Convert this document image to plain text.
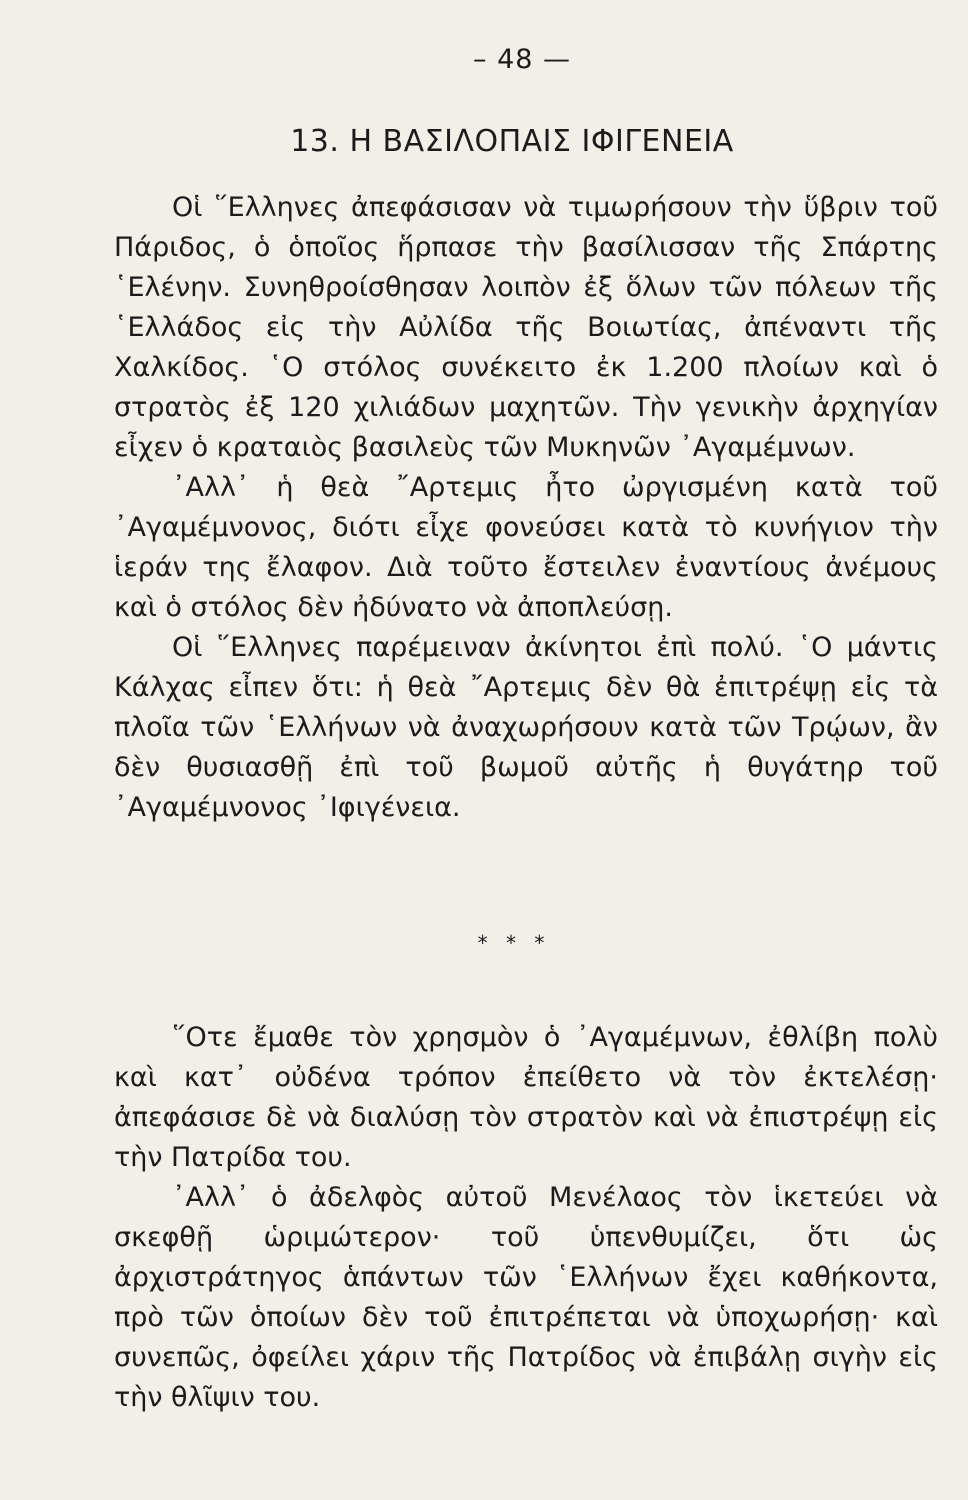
– 48 —
13. Η ΒΑΣΙΛΟΠΑΙΣ ΙΦΙΓΕΝΕΙΑ

Οἱ ῞Ελληνες ἀπεφάσισαν νὰ τιμωρήσουν τὴν ὕβριν τοῦ Πάριδος, ὁ ὁποῖος ἥρπασε τὴν βασίλισσαν τῆς Σπάρτης ῾Ελένην. Συνηθροίσθησαν λοιπὸν ἐξ ὅλων τῶν πόλεων τῆς ῾Ελλάδος εἰς τὴν Αὐλίδα τῆς Βοιωτίας, ἀπέναντι τῆς Χαλκίδος. ῾Ο στόλος συνέκειτο ἐκ 1.200 πλοίων καὶ ὁ στρατὸς ἐξ 120 χιλιάδων μαχητῶν. Τὴν γενικὴν ἀρχηγίαν εἶχεν ὁ κραταιὸς βασιλεὺς τῶν Μυκηνῶν ᾿Αγαμέμνων.

᾿Αλλ᾿ ἡ θεὰ ῎Αρτεμις ἦτο ὠργισμένη κατὰ τοῦ ᾿Αγαμέμνονος, διότι εἶχε φονεύσει κατὰ τὸ κυνήγιον τὴν ἱεράν της ἔλαφον. Διὰ τοῦτο ἔστειλεν ἐναντίους ἀνέμους καὶ ὁ στόλος δὲν ἠδύνατο νὰ ἀποπλεύσῃ.

Οἱ ῞Ελληνες παρέμειναν ἀκίνητοι ἐπὶ πολύ. ῾Ο μάντις Κάλχας εἶπεν ὅτι: ἡ θεὰ ῎Αρτεμις δὲν θὰ ἐπιτρέψῃ εἰς τὰ πλοῖα τῶν ῾Ελλήνων νὰ ἀναχωρήσουν κατὰ τῶν Τρῴων, ἂν δὲν θυσιασθῇ ἐπὶ τοῦ βωμοῦ αὐτῆς ἡ θυγάτηρ τοῦ ᾿Αγαμέμνονος ᾿Ιφιγένεια.

* * *

῞Οτε ἔμαθε τὸν χρησμὸν ὁ ᾿Αγαμέμνων, ἐθλίβη πολὺ καὶ κατ᾿ οὐδένα τρόπον ἐπείθετο νὰ τὸν ἐκτελέσῃ· ἀπεφάσισε δὲ νὰ διαλύσῃ τὸν στρατὸν καὶ νὰ ἐπιστρέψῃ εἰς τὴν Πατρίδα του.

᾿Αλλ᾿ ὁ ἀδελφὸς αὐτοῦ Μενέλαος τὸν ἱκετεύει νὰ σκεφθῇ ὡριμώτερον· τοῦ ὑπενθυμίζει, ὅτι ὡς ἀρχιστράτηγος ἁπάντων τῶν ῾Ελλήνων ἔχει καθήκοντα, πρὸ τῶν ὁποίων δὲν τοῦ ἐπιτρέπεται νὰ ὑποχωρήσῃ· καὶ συνεπῶς, ὀφείλει χάριν τῆς Πατρίδος νὰ ἐπιβάλῃ σιγὴν εἰς τὴν θλῖψιν του.
